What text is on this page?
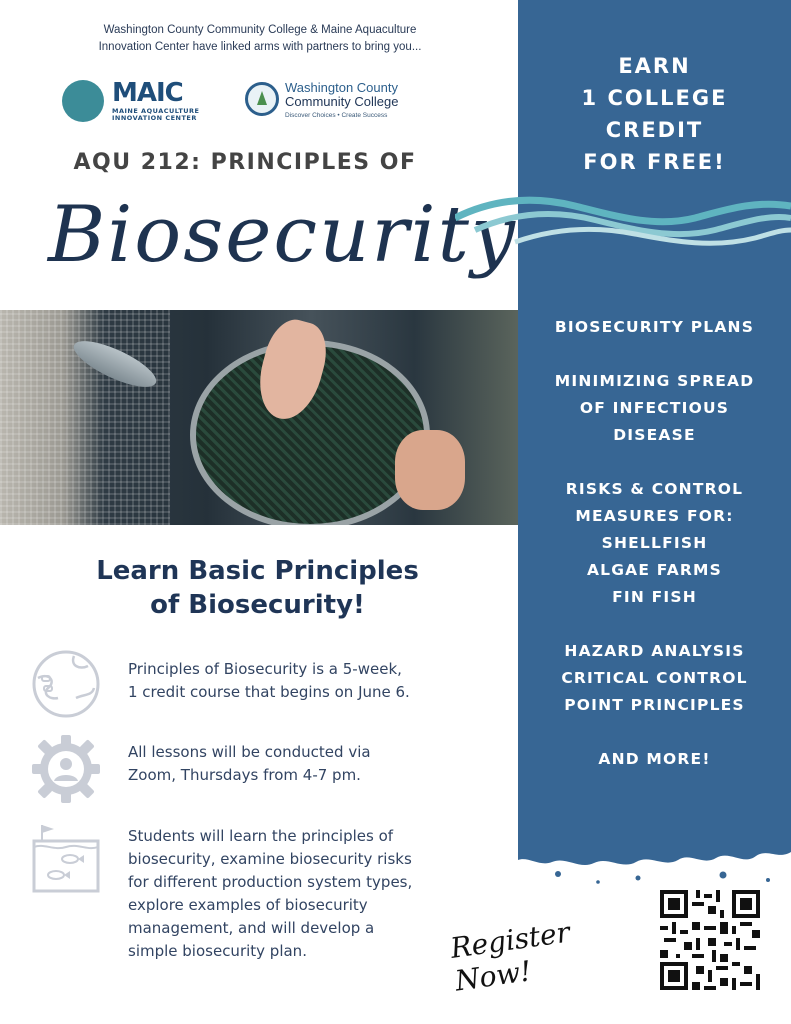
Washington County Community College & Maine Aquaculture
Innovation Center have linked arms with partners to bring you...
MAIC
MAINE AQUACULTURE
INNOVATION CENTER
Washington County
Community College
Discover Choices • Create Success
AQU 212: PRINCIPLES OF
Biosecurity
EARN
1 COLLEGE
CREDIT
FOR FREE!
BIOSECURITY PLANS
MINIMIZING SPREAD
OF INFECTIOUS
DISEASE
RISKS & CONTROL
MEASURES FOR:
SHELLFISH
ALGAE FARMS
FIN FISH
HAZARD ANALYSIS
CRITICAL CONTROL
POINT PRINCIPLES
AND MORE!
Learn Basic Principles
of Biosecurity!
Principles of Biosecurity is a 5-week,
1 credit course that begins on June 6.
All lessons will be conducted via
Zoom, Thursdays from 4-7 pm.
Students will learn the principles of
biosecurity, examine biosecurity risks
for different production system types,
explore examples of biosecurity
management, and will develop a
simple biosecurity plan.	Register Now!
